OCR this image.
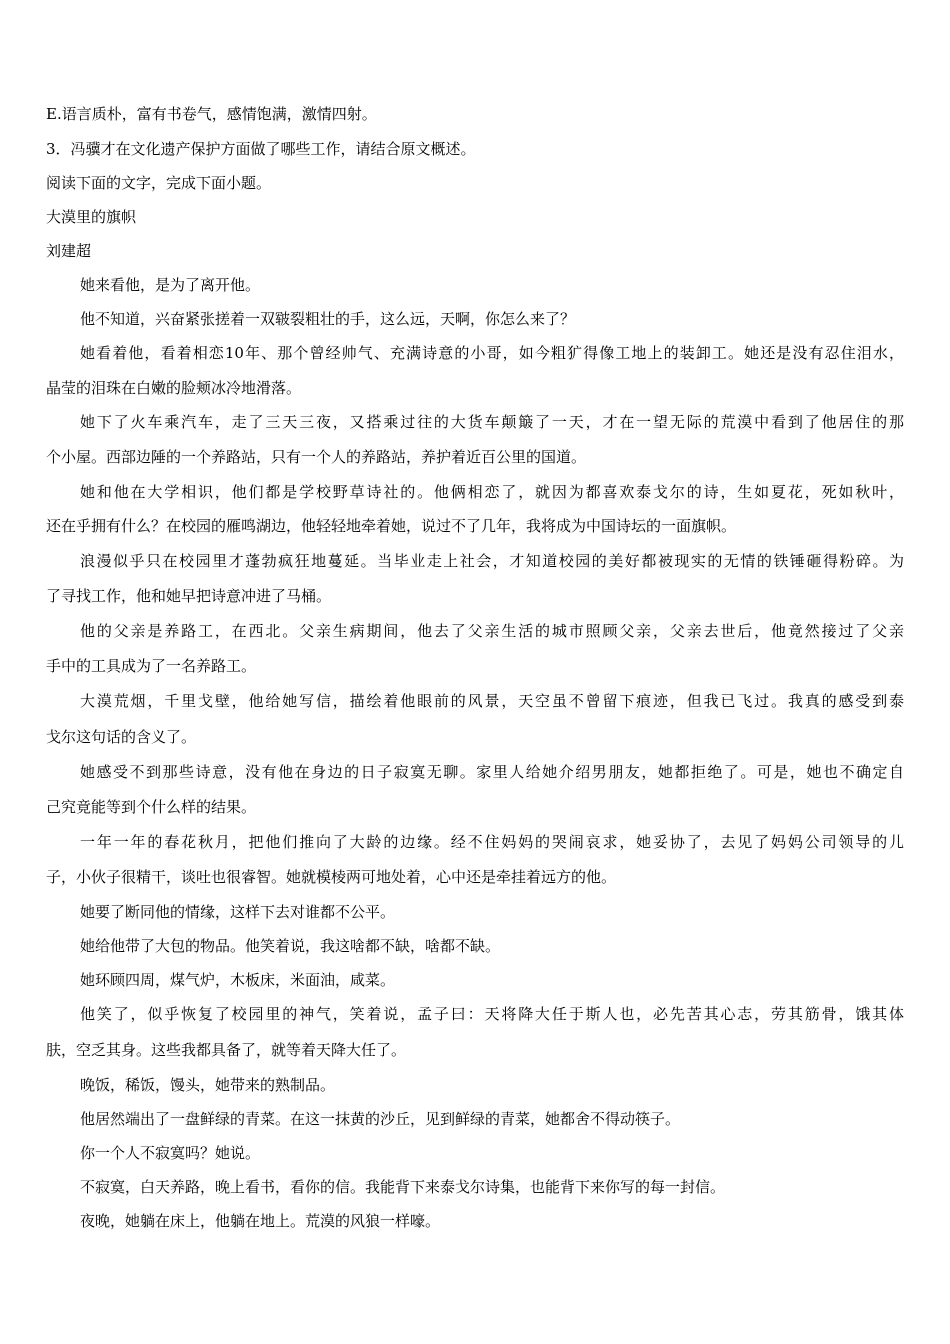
E.语言质朴，富有书卷气，感情饱满，激情四射。
3．冯骥才在文化遗产保护方面做了哪些工作，请结合原文概述。
阅读下面的文字，完成下面小题。
大漠里的旗帜
刘建超
她来看他，是为了离开他。
他不知道，兴奋紧张搓着一双皲裂粗壮的手，这么远，天啊，你怎么来了？
她看着他，看着相恋10年、那个曾经帅气、充满诗意的小哥，如今粗犷得像工地上的装卸工。她还是没有忍住泪水，
晶莹的泪珠在白嫩的脸颊冰冷地滑落。
她下了火车乘汽车，走了三天三夜，又搭乘过往的大货车颠簸了一天，才在一望无际的荒漠中看到了他居住的那
个小屋。西部边陲的一个养路站，只有一个人的养路站，养护着近百公里的国道。
她和他在大学相识，他们都是学校野草诗社的。他俩相恋了，就因为都喜欢泰戈尔的诗，生如夏花，死如秋叶，
还在乎拥有什么？在校园的雁鸣湖边，他轻轻地牵着她，说过不了几年，我将成为中国诗坛的一面旗帜。
浪漫似乎只在校园里才蓬勃疯狂地蔓延。当毕业走上社会，才知道校园的美好都被现实的无情的铁锤砸得粉碎。为
了寻找工作，他和她早把诗意冲进了马桶。
他的父亲是养路工，在西北。父亲生病期间，他去了父亲生活的城市照顾父亲，父亲去世后，他竟然接过了父亲
手中的工具成为了一名养路工。
大漠荒烟，千里戈壁，他给她写信，描绘着他眼前的风景，天空虽不曾留下痕迹，但我已飞过。我真的感受到泰
戈尔这句话的含义了。
她感受不到那些诗意，没有他在身边的日子寂寞无聊。家里人给她介绍男朋友，她都拒绝了。可是，她也不确定自
己究竟能等到个什么样的结果。
一年一年的春花秋月，把他们推向了大龄的边缘。经不住妈妈的哭闹哀求，她妥协了，去见了妈妈公司领导的儿
子，小伙子很精干，谈吐也很睿智。她就模棱两可地处着，心中还是牵挂着远方的他。
她要了断同他的情缘，这样下去对谁都不公平。
她给他带了大包的物品。他笑着说，我这啥都不缺，啥都不缺。
她环顾四周，煤气炉，木板床，米面油，咸菜。
他笑了，似乎恢复了校园里的神气，笑着说，孟子曰：天将降大任于斯人也，必先苦其心志，劳其筋骨，饿其体
肤，空乏其身。这些我都具备了，就等着天降大任了。
晚饭，稀饭，馒头，她带来的熟制品。
他居然端出了一盘鲜绿的青菜。在这一抹黄的沙丘，见到鲜绿的青菜，她都舍不得动筷子。
你一个人不寂寞吗？她说。
不寂寞，白天养路，晚上看书，看你的信。我能背下来泰戈尔诗集，也能背下来你写的每一封信。
夜晚，她躺在床上，他躺在地上。荒漠的风狼一样嚎。
